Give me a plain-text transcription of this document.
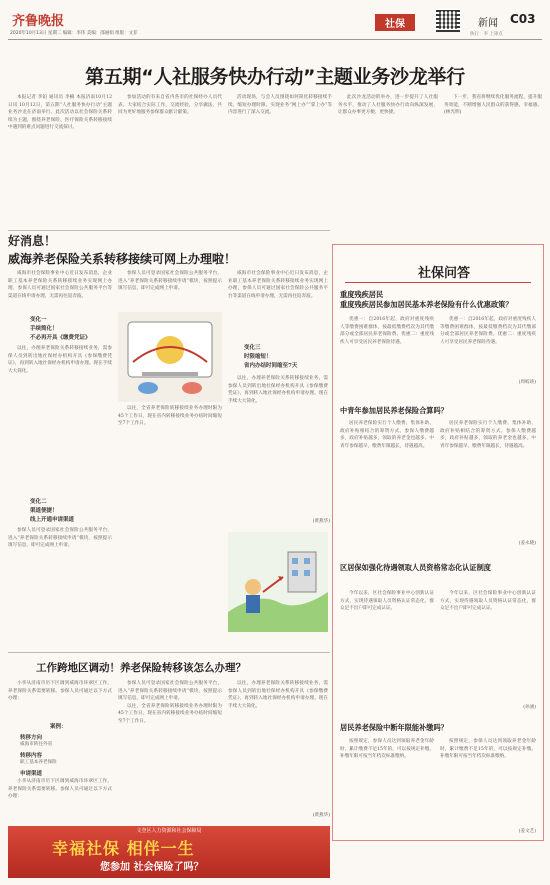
齐鲁晚报
2020年10月13日 星期二 编辑：李伟 美编：邵丽娟 组版：文菲
社保	新闻 C03
执行：李 上罩点
第五期“人社服务快办行动”主题业务沙龙举行

本报记者 李铂 通讯员 李楠 本报济南10月12日讯 10月12日，第五期“人社服务快办行动”主题业务沙龙在济南举行。此次活动以社会保险关系转续为主题，围绕养老保险、医疗保险关系转移接续中遇到的难点问题进行交流探讨。

参加活动的有来自省内各市的社保经办人员代表。大家结合实际工作，交流经验，分享做法，共同为更好地服务参保群众献计献策。

活动现场，与会人员围绕如何简化转移接续手续、缩短办理时限、实现业务“网上办”“掌上办”等内容进行了深入交流。

此次沙龙活动的举办，进一步提升了人社服务水平，推动了人社服务快办行动向纵深发展，让群众办事更方便、更快捷。

下一步，我省将继续优化服务流程，提升服务效能，不断增强人民群众的获得感、幸福感。(林光明)

好消息！
威海养老保险关系转移接续可网上办理啦！

威海市社会保险事业中心近日发布消息，企业职工基本养老保险关系转移接续业务实现网上办理，参保人员可通过国家社会保险公共服务平台等渠道在线申请办理，无需再往返奔波。

变化一
手续简化！
不必再开具《缴费凭证》

以往，办理养老保险关系转移接续业务，需参保人员到转出地社保经办机构开具《参保缴费凭证》，再到转入地社保经办机构申请办理。现在手续大大简化。

变化二
渠道便捷！
线上开通申请渠道

参保人员可登录国家社会保险公共服务平台，进入“养老保险关系转移接续申请”模块，按照提示填写信息，即可完成网上申请。

参保人员可登录国家社会保险公共服务平台，进入“养老保险关系转移接续申请”模块，按照提示填写信息，即可完成网上申请。

以往，全省养老保险转移接续业务办理时限为45个工作日，现在省内转移接续业务办结时间缩短至7个工作日。

变化三
时限缩短！
省内办结时间缩至7天

威海市社会保险事业中心近日发布消息，企业职工基本养老保险关系转移接续业务实现网上办理，参保人员可通过国家社会保险公共服务平台等渠道在线申请办理，无需再往返奔波。

以往，办理养老保险关系转移接续业务，需参保人员到转出地社保经办机构开具《参保缴费凭证》，再到转入地社保经办机构申请办理。现在手续大大简化。

(黄燕华)
工作跨地区调动！养老保险转移该怎么办理？

小李从济南市历下区调到威海市环翠区工作，养老保险关系需要转移。参保人员可通过以下方式办理：

案例：
转移方向
威海市转往外省
转移内容
职工基本养老保险
申请渠道

小李从济南市历下区调到威海市环翠区工作，养老保险关系需要转移。参保人员可通过以下方式办理：

参保人员可登录国家社会保险公共服务平台，进入“养老保险关系转移接续申请”模块，按照提示填写信息，即可完成网上申请。

以往，全省养老保险转移接续业务办理时限为45个工作日，现在省内转移接续业务办结时间缩短至7个工作日。

以往，办理养老保险关系转移接续业务，需参保人员到转出地社保经办机构开具《参保缴费凭证》，再到转入地社保经办机构申请办理。现在手续大大简化。

(黄燕华)
社保问答
重度残疾居民
重度残疾居民参加居民基本养老保险有什么优惠政策？

优惠一：自2016年起，政府对重度残疾人等缴费困难群体，按最低缴费档次为其代缴部分或全部居民养老保险费。优惠二：重度残疾人可享受居民养老保险待遇。

优惠一：自2016年起，政府对重度残疾人等缴费困难群体，按最低缴费档次为其代缴部分或全部居民养老保险费。优惠二：重度残疾人可享受居民养老保险待遇。

(周蛟竣)
中青年参加居民养老保险合算吗？

居民养老保险实行个人缴费、集体补助、政府补贴相结合的筹资方式。参保人缴费越多，政府补贴越多，领取的养老金也越多。中青年参保越早，缴费年限越长，待遇越高。

居民养老保险实行个人缴费、集体补助、政府补贴相结合的筹资方式。参保人缴费越多，政府补贴越多，领取的养老金也越多。中青年参保越早，缴费年限越长，待遇越高。

(姜永晓)
区居保如强化待遇领取人员资格常态化认证制度

今年以来，区社会保险事业中心创新认证方式，实现待遇领取人员资格认证常态化，群众足不出户即可完成认证。

今年以来，区社会保险事业中心创新认证方式，实现待遇领取人员资格认证常态化，群众足不出户即可完成认证。

(孙涵)
居民养老保险中断年限能补缴吗？

按照规定，参保人员达到领取养老金年龄时，累计缴费不足15年的，可以按规定补缴。补缴年限可按当年档次标准缴纳。

按照规定，参保人员达到领取养老金年龄时，累计缴费不足15年的，可以按规定补缴。补缴年限可按当年档次标准缴纳。

(姜文艺)
文登区人力资源和社会保障局
幸福社保 相伴一生
您参加 社会保险了吗？
